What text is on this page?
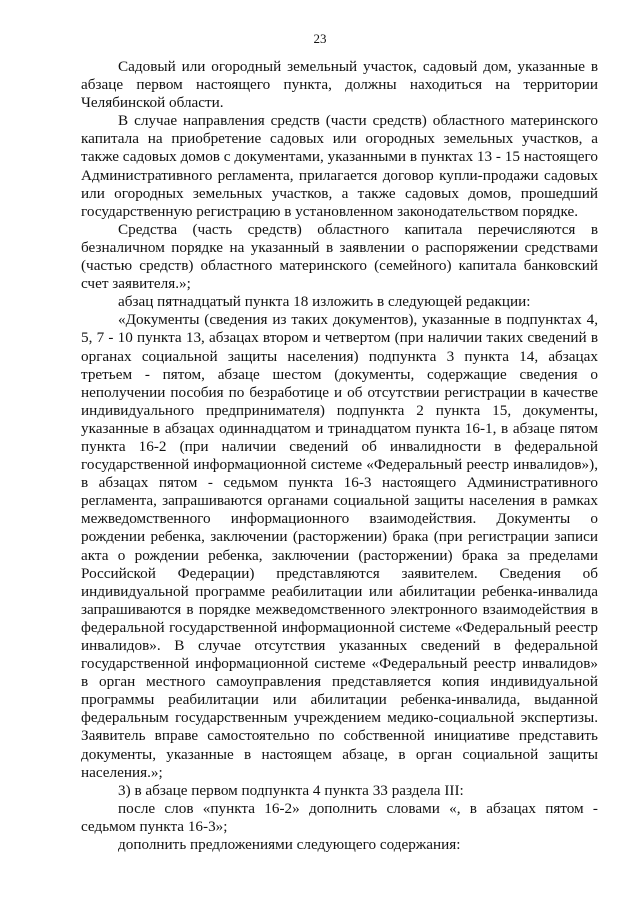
23

Садовый или огородный земельный участок, садовый дом, указанные в абзаце первом настоящего пункта, должны находиться на территории Челябинской области.

В случае направления средств (части средств) областного материнского капитала на приобретение садовых или огородных земельных участков, а также садовых домов с документами, указанными в пунктах 13 - 15 настоящего Административного регламента, прилагается договор купли-продажи садовых или огородных земельных участков, а также садовых домов, прошедший государственную регистрацию в установленном законодательством порядке.

Средства (часть средств) областного капитала перечисляются в безналичном порядке на указанный в заявлении о распоряжении средствами (частью средств) областного материнского (семейного) капитала банковский счет заявителя.»;

абзац пятнадцатый пункта 18 изложить в следующей редакции:

«Документы (сведения из таких документов), указанные в подпунктах 4, 5, 7 - 10 пункта 13, абзацах втором и четвертом (при наличии таких сведений в органах социальной защиты населения) подпункта 3 пункта 14, абзацах третьем - пятом, абзаце шестом (документы, содержащие сведения о неполучении пособия по безработице и об отсутствии регистрации в качестве индивидуального предпринимателя) подпункта 2 пункта 15, документы, указанные в абзацах одиннадцатом и тринадцатом пункта 16-1, в абзаце пятом пункта 16-2 (при наличии сведений об инвалидности в федеральной государственной информационной системе «Федеральный реестр инвалидов»), в абзацах пятом - седьмом пункта 16-3 настоящего Административного регламента, запрашиваются органами социальной защиты населения в рамках межведомственного информационного взаимодействия. Документы о рождении ребенка, заключении (расторжении) брака (при регистрации записи акта о рождении ребенка, заключении (расторжении) брака за пределами Российской Федерации) представляются заявителем. Сведения об индивидуальной программе реабилитации или абилитации ребенка-инвалида запрашиваются в порядке межведомственного электронного взаимодействия в федеральной государственной информационной системе «Федеральный реестр инвалидов». В случае отсутствия указанных сведений в федеральной государственной информационной системе «Федеральный реестр инвалидов» в орган местного самоуправления представляется копия индивидуальной программы реабилитации или абилитации ребенка-инвалида, выданной федеральным государственным учреждением медико-социальной экспертизы. Заявитель вправе самостоятельно по собственной инициативе представить документы, указанные в настоящем абзаце, в орган социальной защиты населения.»;

3) в абзаце первом подпункта 4 пункта 33 раздела III:

после слов «пункта 16-2» дополнить словами «, в абзацах пятом - седьмом пункта 16-3»;

дополнить предложениями следующего содержания:
